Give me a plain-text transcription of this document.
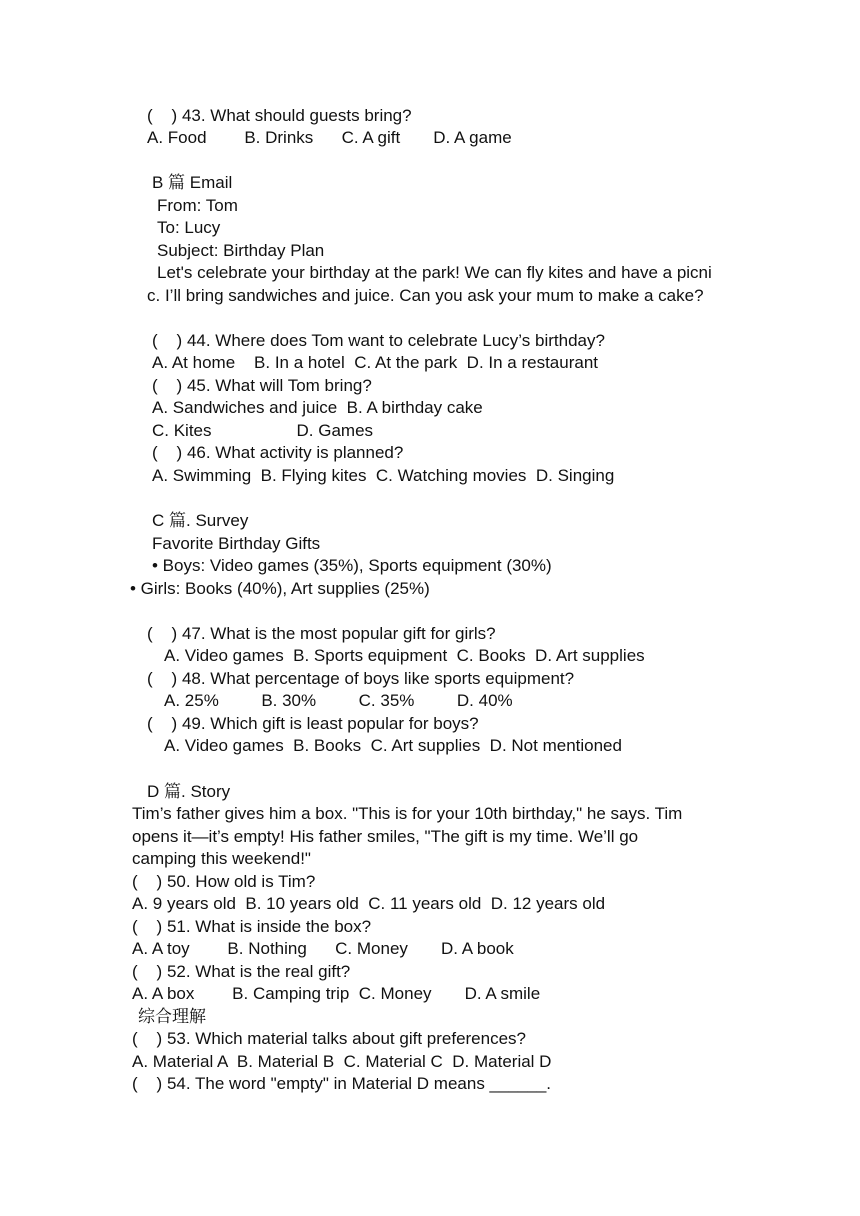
(    ) 43. What should guests bring?
A. Food        B. Drinks      C. A gift       D. A game
B 篇 Email
From: Tom
To: Lucy
Subject: Birthday Plan
Let's celebrate your birthday at the park! We can fly kites and have a picni
c. I’ll bring sandwiches and juice. Can you ask your mum to make a cake?
(    ) 44. Where does Tom want to celebrate Lucy’s birthday?
A. At home    B. In a hotel  C. At the park  D. In a restaurant
(    ) 45. What will Tom bring?
A. Sandwiches and juice  B. A birthday cake
C. Kites                  D. Games
(    ) 46. What activity is planned?
A. Swimming  B. Flying kites  C. Watching movies  D. Singing
C 篇. Survey
Favorite Birthday Gifts
• Boys: Video games (35%), Sports equipment (30%)
• Girls: Books (40%), Art supplies (25%)
(    ) 47. What is the most popular gift for girls?
A. Video games  B. Sports equipment  C. Books  D. Art supplies
(    ) 48. What percentage of boys like sports equipment?
A. 25%         B. 30%         C. 35%         D. 40%
(    ) 49. Which gift is least popular for boys?
A. Video games  B. Books  C. Art supplies  D. Not mentioned
D 篇. Story
Tim’s father gives him a box. "This is for your 10th birthday," he says. Tim
opens it—it’s empty! His father smiles, "The gift is my time. We’ll go
camping this weekend!"
(    ) 50. How old is Tim?
A. 9 years old  B. 10 years old  C. 11 years old  D. 12 years old
(    ) 51. What is inside the box?
A. A toy        B. Nothing      C. Money       D. A book
(    ) 52. What is the real gift?
A. A box        B. Camping trip  C. Money       D. A smile
综合理解
(    ) 53. Which material talks about gift preferences?
A. Material A  B. Material B  C. Material C  D. Material D
(    ) 54. The word "empty" in Material D means ______.
